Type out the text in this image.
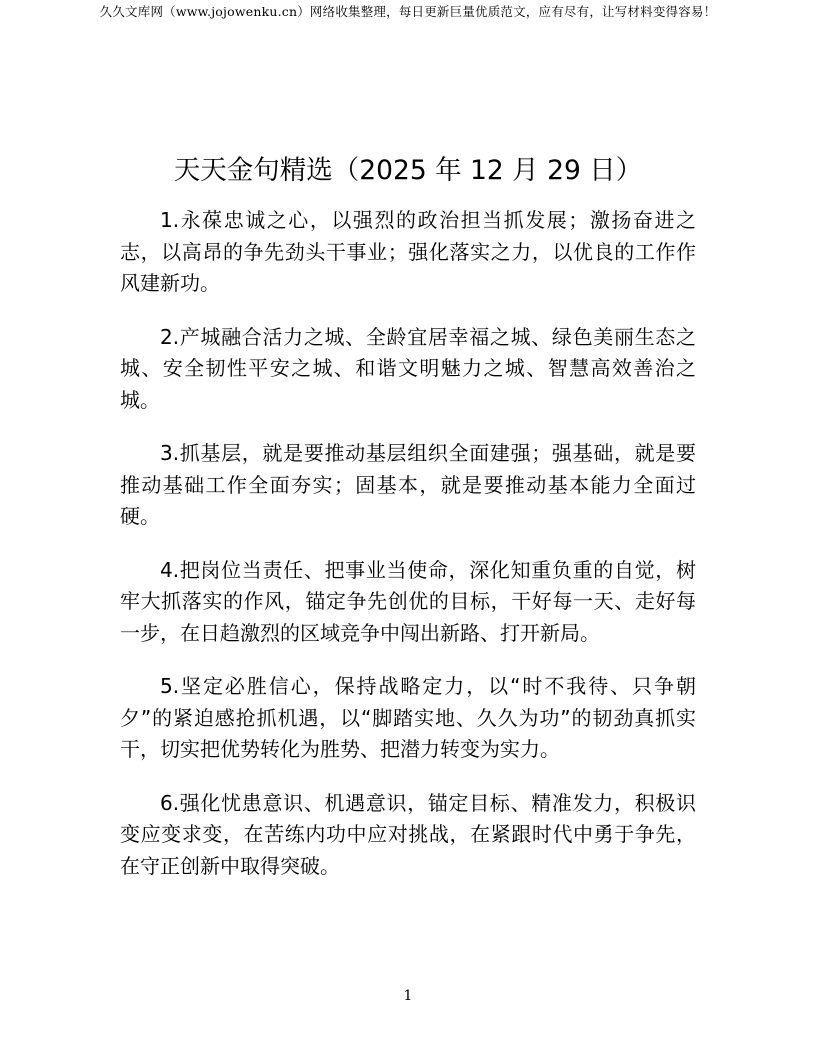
久久文库网（www.jojowenku.cn）网络收集整理，每日更新巨量优质范文，应有尽有，让写材料变得容易！
天天金句精选（2025 年 12 月 29 日）

1.永葆忠诚之心，以强烈的政治担当抓发展；激扬奋进之志，以高昂的争先劲头干事业；强化落实之力，以优良的工作作风建新功。

2.产城融合活力之城、全龄宜居幸福之城、绿色美丽生态之城、安全韧性平安之城、和谐文明魅力之城、智慧高效善治之城。

3.抓基层，就是要推动基层组织全面建强；强基础，就是要推动基础工作全面夯实；固基本，就是要推动基本能力全面过硬。

4.把岗位当责任、把事业当使命，深化知重负重的自觉，树牢大抓落实的作风，锚定争先创优的目标，干好每一天、走好每一步，在日趋激烈的区域竞争中闯出新路、打开新局。

5.坚定必胜信心，保持战略定力，以“时不我待、只争朝夕”的紧迫感抢抓机遇，以“脚踏实地、久久为功”的韧劲真抓实干，切实把优势转化为胜势、把潜力转变为实力。

6.强化忧患意识、机遇意识，锚定目标、精准发力，积极识变应变求变，在苦练内功中应对挑战，在紧跟时代中勇于争先，在守正创新中取得突破。

1
